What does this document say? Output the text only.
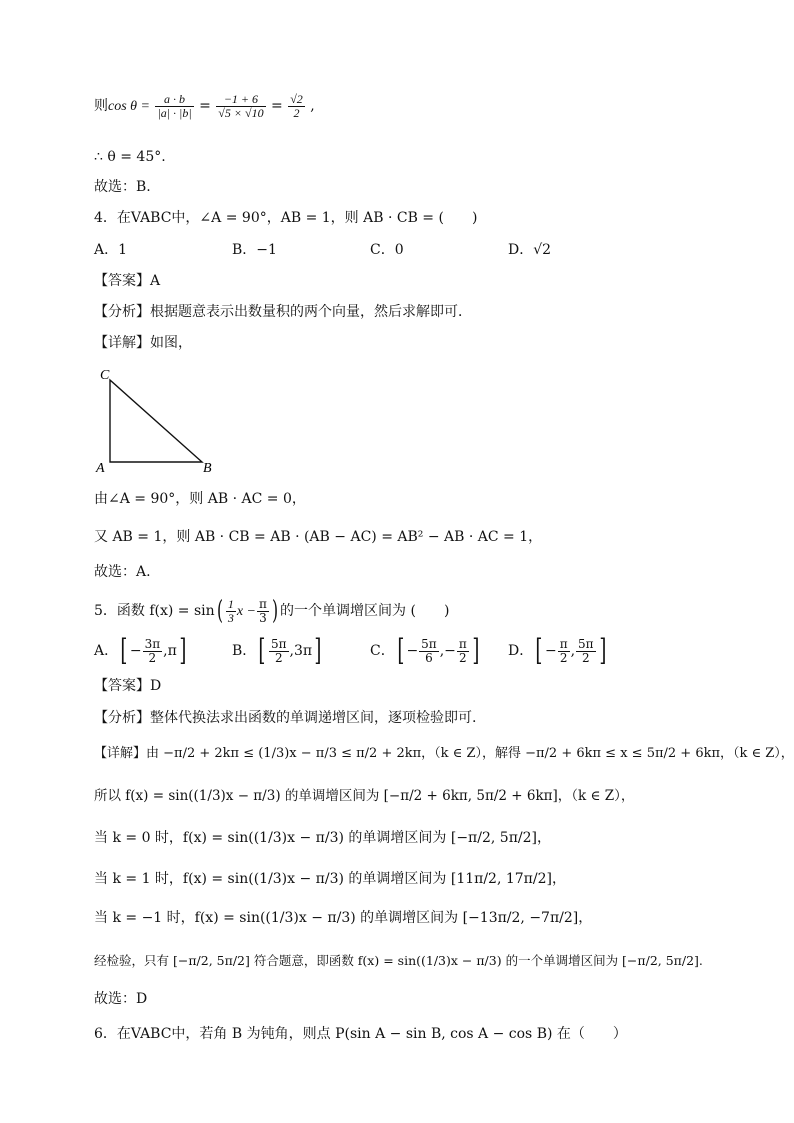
则$\cos \theta = \frac{a \cdot b}{|a| \cdot |b|} = \frac{-1 + 6}{√5 \times √10} = \frac{√2}{2}$ ,
∴ θ = 45°.
故选：B.
4．在VABC中，∠A = 90°，AB = 1，则 AB · CB = (　　)
A．1	B．−1	C．0	D．√2
【答案】A
【分析】根据题意表示出数量积的两个向量，然后求解即可．
【详解】如图，
C
A	B
由∠A = 90°，则 AB · AC = 0，
又 AB = 1，则 AB · CB = AB · (AB − AC) = AB² − AB · AC = 1，
故选：A.
5．函数 $f(x) = \sin( \frac{1}{3}$ $x - \frac{\pi}{3}$ ) 的一个单调增区间为 (　　)
A．[ − $\frac{3\pi}{2} ,\pi$]	B．[ $\frac{5\pi}{2} ,3\pi$]	C．[ − $\frac{5\pi}{6}$ ,− $\frac{\pi}{2}$ ] D．[ − $\frac{\pi}{2}$ , $\frac{5\pi}{2}$ ]
【答案】D
【分析】整体代换法求出函数的单调递增区间，逐项检验即可.
【详解】由 −π/2 + 2kπ ≤ (1/3)x − π/3 ≤ π/2 + 2kπ，（k ∈ Z），解得 −π/2 + 6kπ ≤ x ≤ 5π/2 + 6kπ，（k ∈ Z），
所以 f(x) = sin((1/3)x − π/3) 的单调增区间为 [−π/2 + 6kπ, 5π/2 + 6kπ]，（k ∈ Z），
当 k = 0 时，f(x) = sin((1/3)x − π/3) 的单调增区间为 [−π/2, 5π/2]，
当 k = 1 时，f(x) = sin((1/3)x − π/3) 的单调增区间为 [11π/2, 17π/2]，
当 k = −1 时，f(x) = sin((1/3)x − π/3) 的单调增区间为 [−13π/2, −7π/2]，
经检验，只有 [−π/2, 5π/2] 符合题意，即函数 f(x) = sin((1/3)x − π/3) 的一个单调增区间为 [−π/2, 5π/2].
故选：D
6．在VABC中，若角 B 为钝角，则点 P(sin A − sin B, cos A − cos B) 在（　　）
